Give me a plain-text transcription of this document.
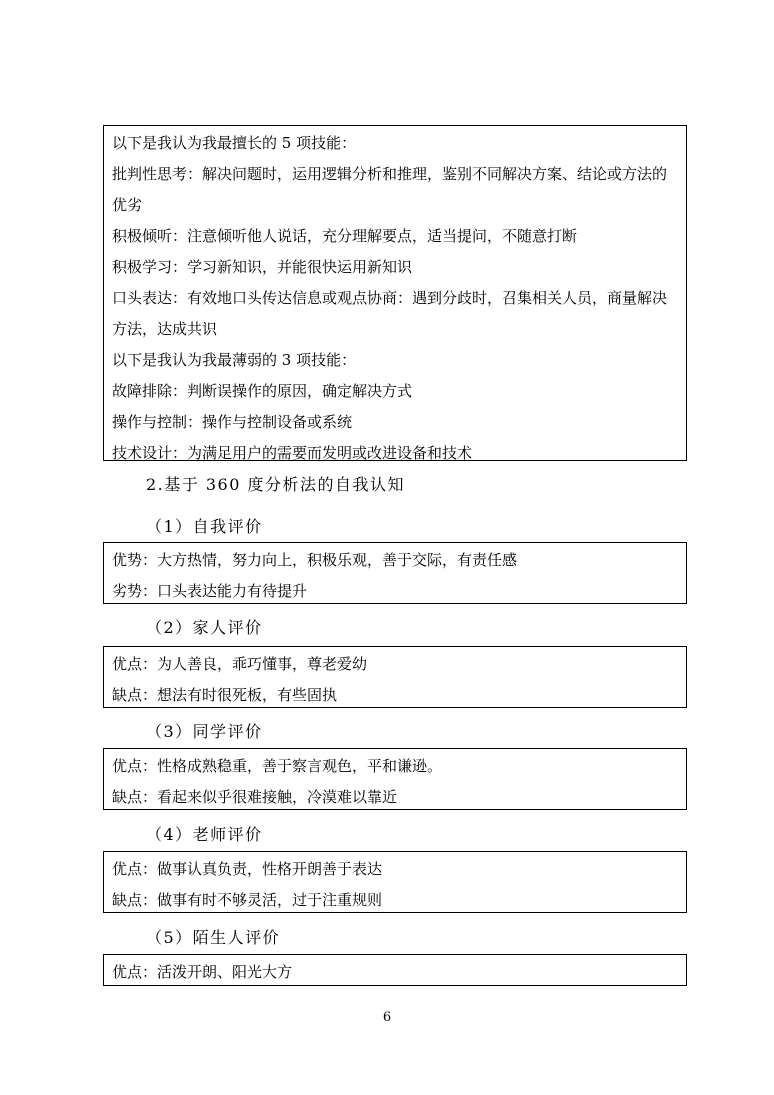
以下是我认为我最擅长的 5 项技能：
批判性思考：解决问题时，运用逻辑分析和推理，鉴别不同解决方案、结论或方法的优劣
积极倾听：注意倾听他人说话，充分理解要点，适当提问，不随意打断
积极学习：学习新知识，并能很快运用新知识
口头表达：有效地口头传达信息或观点协商：遇到分歧时，召集相关人员，商量解决方法，达成共识
以下是我认为我最薄弱的 3 项技能：
故障排除：判断误操作的原因，确定解决方式
操作与控制：操作与控制设备或系统
技术设计：为满足用户的需要而发明或改进设备和技术
2.基于 360 度分析法的自我认知
（1）自我评价
优势：大方热情，努力向上，积极乐观，善于交际，有责任感
劣势：口头表达能力有待提升
（2）家人评价
优点：为人善良，乖巧懂事，尊老爱幼
缺点：想法有时很死板，有些固执
（3）同学评价
优点：性格成熟稳重，善于察言观色，平和谦逊。
缺点：看起来似乎很难接触，冷漠难以靠近
（4）老师评价
优点：做事认真负责，性格开朗善于表达
缺点：做事有时不够灵活，过于注重规则
（5）陌生人评价
优点：活泼开朗、阳光大方
6
